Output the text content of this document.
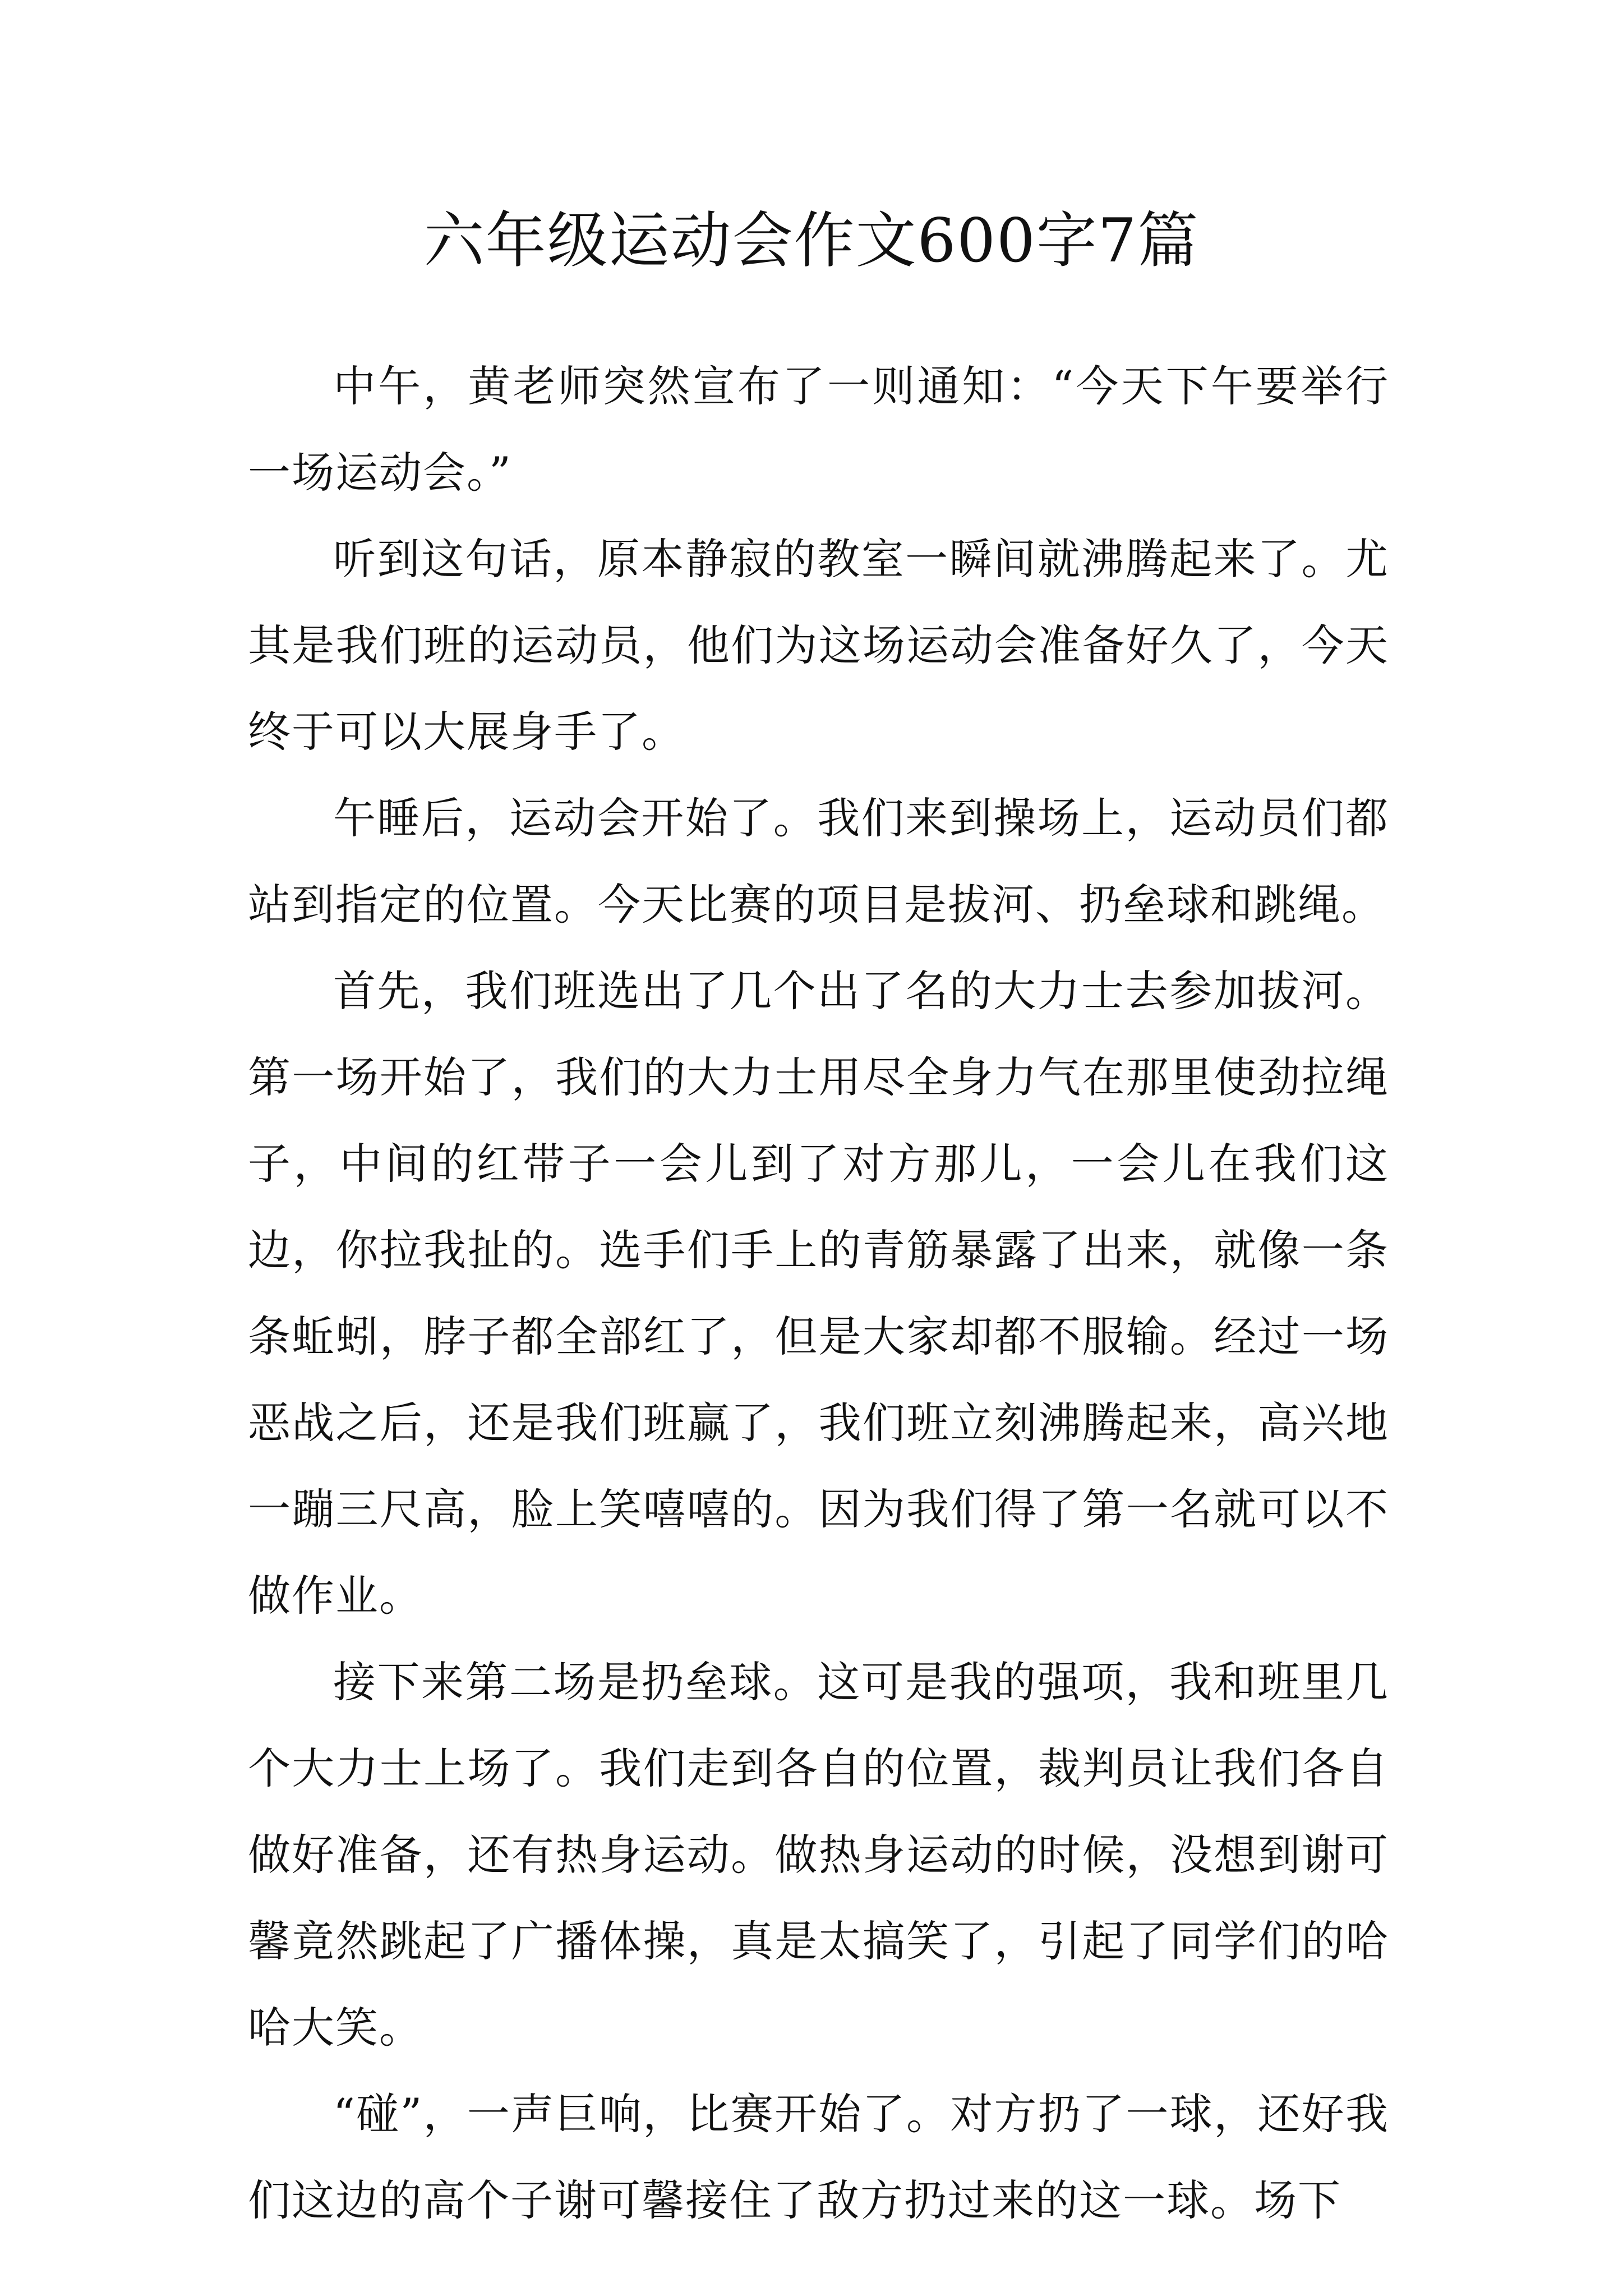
六年级运动会作文600字7篇

中午，黄老师突然宣布了一则通知：“今天下午要举行一场运动会。”

听到这句话，原本静寂的教室一瞬间就沸腾起来了。尤其是我们班的运动员，他们为这场运动会准备好久了，今天终于可以大展身手了。

午睡后，运动会开始了。我们来到操场上，运动员们都站到指定的位置。今天比赛的项目是拔河、扔垒球和跳绳。

首先，我们班选出了几个出了名的大力士去参加拔河。第一场开始了，我们的大力士用尽全身力气在那里使劲拉绳子，中间的红带子一会儿到了对方那儿，一会儿在我们这边，你拉我扯的。选手们手上的青筋暴露了出来，就像一条条蚯蚓，脖子都全部红了，但是大家却都不服输。经过一场恶战之后，还是我们班赢了，我们班立刻沸腾起来，高兴地一蹦三尺高，脸上笑嘻嘻的。因为我们得了第一名就可以不做作业。

接下来第二场是扔垒球。这可是我的强项，我和班里几个大力士上场了。我们走到各自的位置，裁判员让我们各自做好准备，还有热身运动。做热身运动的时候，没想到谢可馨竟然跳起了广播体操，真是太搞笑了，引起了同学们的哈哈大笑。

“碰”，一声巨响，比赛开始了。对方扔了一球，还好我们这边的高个子谢可馨接住了敌方扔过来的这一球。场下
